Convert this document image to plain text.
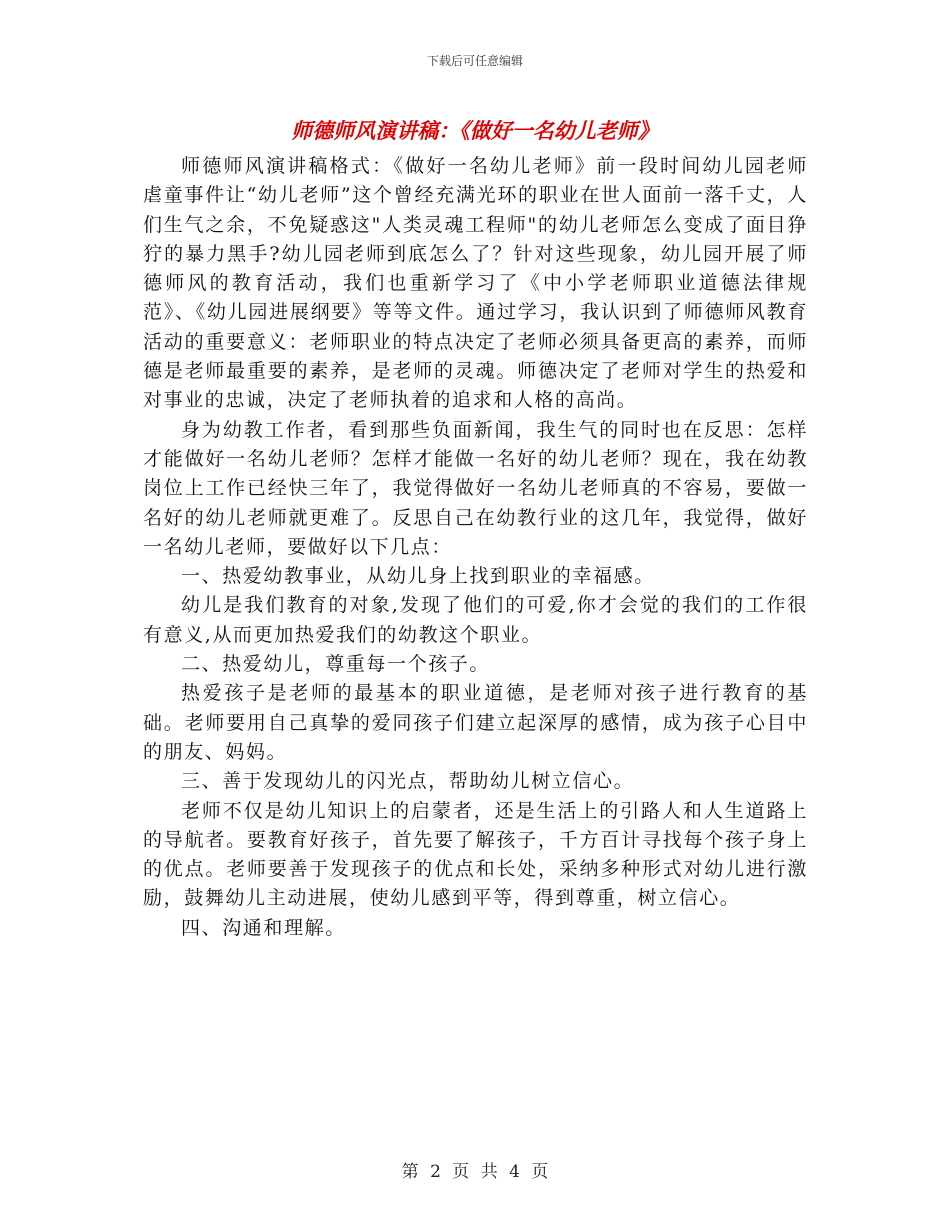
下载后可任意编辑
师德师风演讲稿：《做好一名幼儿老师》

师德师风演讲稿格式：《做好一名幼儿老师》前一段时间幼儿园老师虐童事件让“幼儿老师”这个曾经充满光环的职业在世人面前一落千丈，人们生气之余，不免疑惑这"人类灵魂工程师"的幼儿老师怎么变成了面目狰狞的暴力黑手?幼儿园老师到底怎么了？针对这些现象，幼儿园开展了师德师风的教育活动，我们也重新学习了《中小学老师职业道德法律规范》、《幼儿园进展纲要》等等文件。通过学习，我认识到了师德师风教育活动的重要意义：老师职业的特点决定了老师必须具备更高的素养，而师德是老师最重要的素养，是老师的灵魂。师德决定了老师对学生的热爱和对事业的忠诚，决定了老师执着的追求和人格的高尚。

身为幼教工作者，看到那些负面新闻，我生气的同时也在反思：怎样才能做好一名幼儿老师？怎样才能做一名好的幼儿老师？现在，我在幼教岗位上工作已经快三年了，我觉得做好一名幼儿老师真的不容易，要做一名好的幼儿老师就更难了。反思自己在幼教行业的这几年，我觉得，做好一名幼儿老师，要做好以下几点：

一、热爱幼教事业，从幼儿身上找到职业的幸福感。

幼儿是我们教育的对象,发现了他们的可爱,你才会觉的我们的工作很有意义,从而更加热爱我们的幼教这个职业。

二、热爱幼儿，尊重每一个孩子。

热爱孩子是老师的最基本的职业道德，是老师对孩子进行教育的基础。老师要用自己真挚的爱同孩子们建立起深厚的感情，成为孩子心目中的朋友、妈妈。

三、善于发现幼儿的闪光点，帮助幼儿树立信心。

老师不仅是幼儿知识上的启蒙者，还是生活上的引路人和人生道路上的导航者。要教育好孩子，首先要了解孩子，千方百计寻找每个孩子身上的优点。老师要善于发现孩子的优点和长处，采纳多种形式对幼儿进行激励，鼓舞幼儿主动进展，使幼儿感到平等，得到尊重，树立信心。

四、沟通和理解。

第 2 页 共 4 页
